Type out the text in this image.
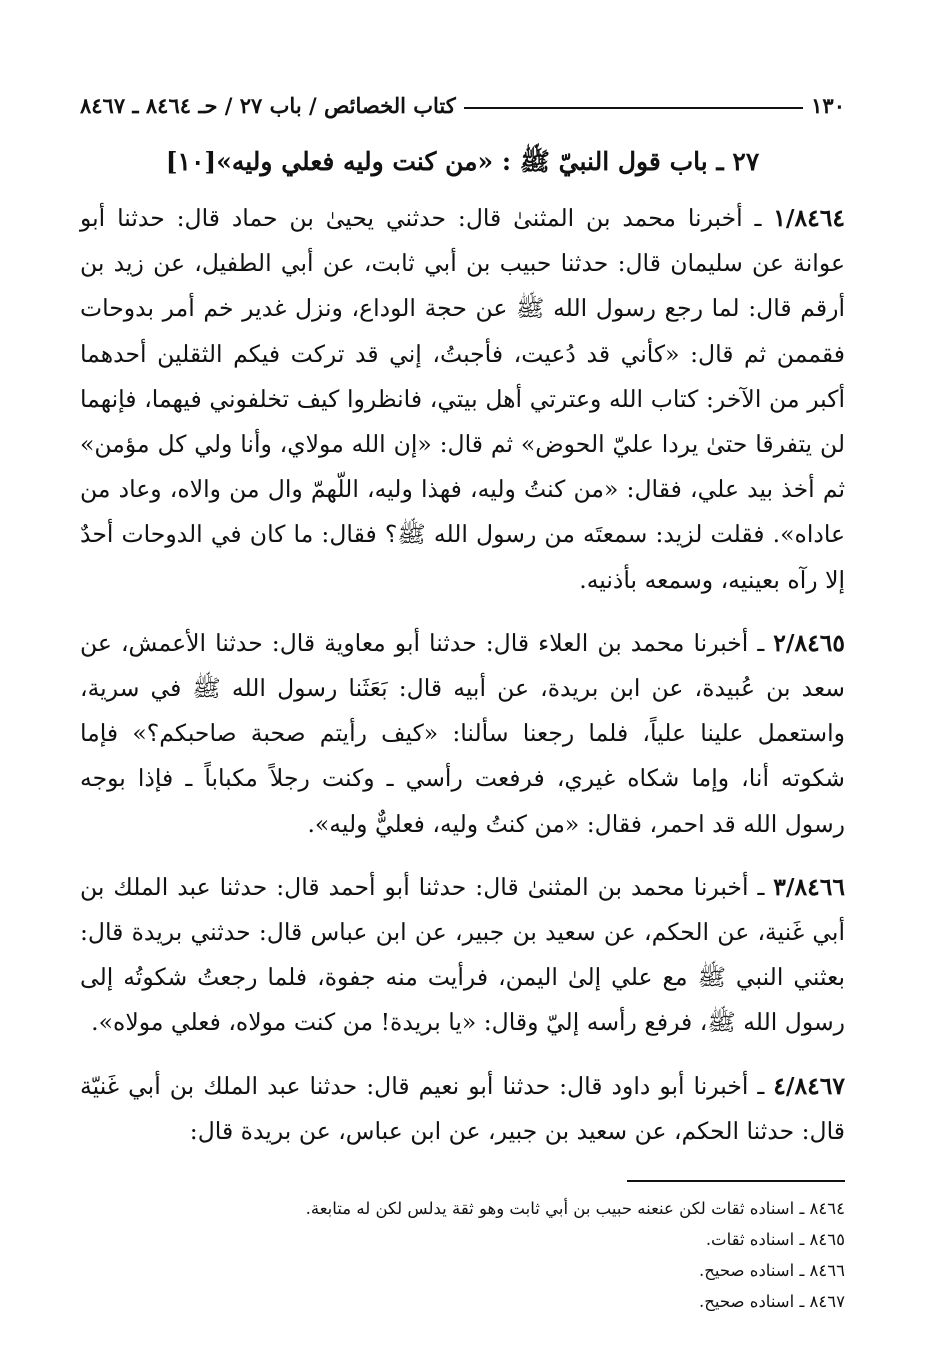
١٣٠
كتاب الخصائص / باب ٢٧ / حـ ٨٤٦٤ ـ ٨٤٦٧
٢٧ ـ باب قول النبيّ ﷺ : «من كنت وليه فعلي وليه»[١٠]

١/٨٤٦٤ ـ أخبرنا محمد بن المثنىٰ قال: حدثني يحيىٰ بن حماد قال: حدثنا أبو عوانة عن سليمان قال: حدثنا حبيب بن أبي ثابت، عن أبي الطفيل، عن زيد بن أرقم قال: لما رجع رسول الله ﷺ عن حجة الوداع، ونزل غدير خم أمر بدوحات فقممن ثم قال: «كأني قد دُعيت، فأجبتُ، إني قد تركت فيكم الثقلين أحدهما أكبر من الآخر: كتاب الله وعترتي أهل بيتي، فانظروا كيف تخلفوني فيهما، فإنهما لن يتفرقا حتىٰ يردا عليّ الحوض» ثم قال: «إن الله مولاي، وأنا ولي كل مؤمن» ثم أخذ بيد علي، فقال: «من كنتُ وليه، فهذا وليه، اللّهمّ وال من والاه، وعاد من عاداه». فقلت لزيد: سمعتَه من رسول الله ﷺ؟ فقال: ما كان في الدوحات أحدٌ إلا رآه بعينيه، وسمعه بأذنيه.

٢/٨٤٦٥ ـ أخبرنا محمد بن العلاء قال: حدثنا أبو معاوية قال: حدثنا الأعمش، عن سعد بن عُبيدة، عن ابن بريدة، عن أبيه قال: بَعَثَنا رسول الله ﷺ في سرية، واستعمل علينا علياً، فلما رجعنا سألنا: «كيف رأيتم صحبة صاحبكم؟» فإما شكوته أنا، وإما شكاه غيري، فرفعت رأسي ـ وكنت رجلاً مكباباً ـ فإذا بوجه رسول الله قد احمر، فقال: «من كنتُ وليه، فعليٌّ وليه».

٣/٨٤٦٦ ـ أخبرنا محمد بن المثنىٰ قال: حدثنا أبو أحمد قال: حدثنا عبد الملك بن أبي غَنية، عن الحكم، عن سعيد بن جبير، عن ابن عباس قال: حدثني بريدة قال: بعثني النبي ﷺ مع علي إلىٰ اليمن، فرأيت منه جفوة، فلما رجعتُ شكوتُه إلى رسول الله ﷺ، فرفع رأسه إليّ وقال: «يا بريدة! من كنت مولاه، فعلي مولاه».

٤/٨٤٦٧ ـ أخبرنا أبو داود قال: حدثنا أبو نعيم قال: حدثنا عبد الملك بن أبي غَنيّة قال: حدثنا الحكم، عن سعيد بن جبير، عن ابن عباس، عن بريدة قال:

٨٤٦٤ ـ اسناده ثقات لكن عنعنه حبيب بن أبي ثابت وهو ثقة يدلس لكن له متابعة.
٨٤٦٥ ـ اسناده ثقات.
٨٤٦٦ ـ اسناده صحيح.
٨٤٦٧ ـ اسناده صحيح.
